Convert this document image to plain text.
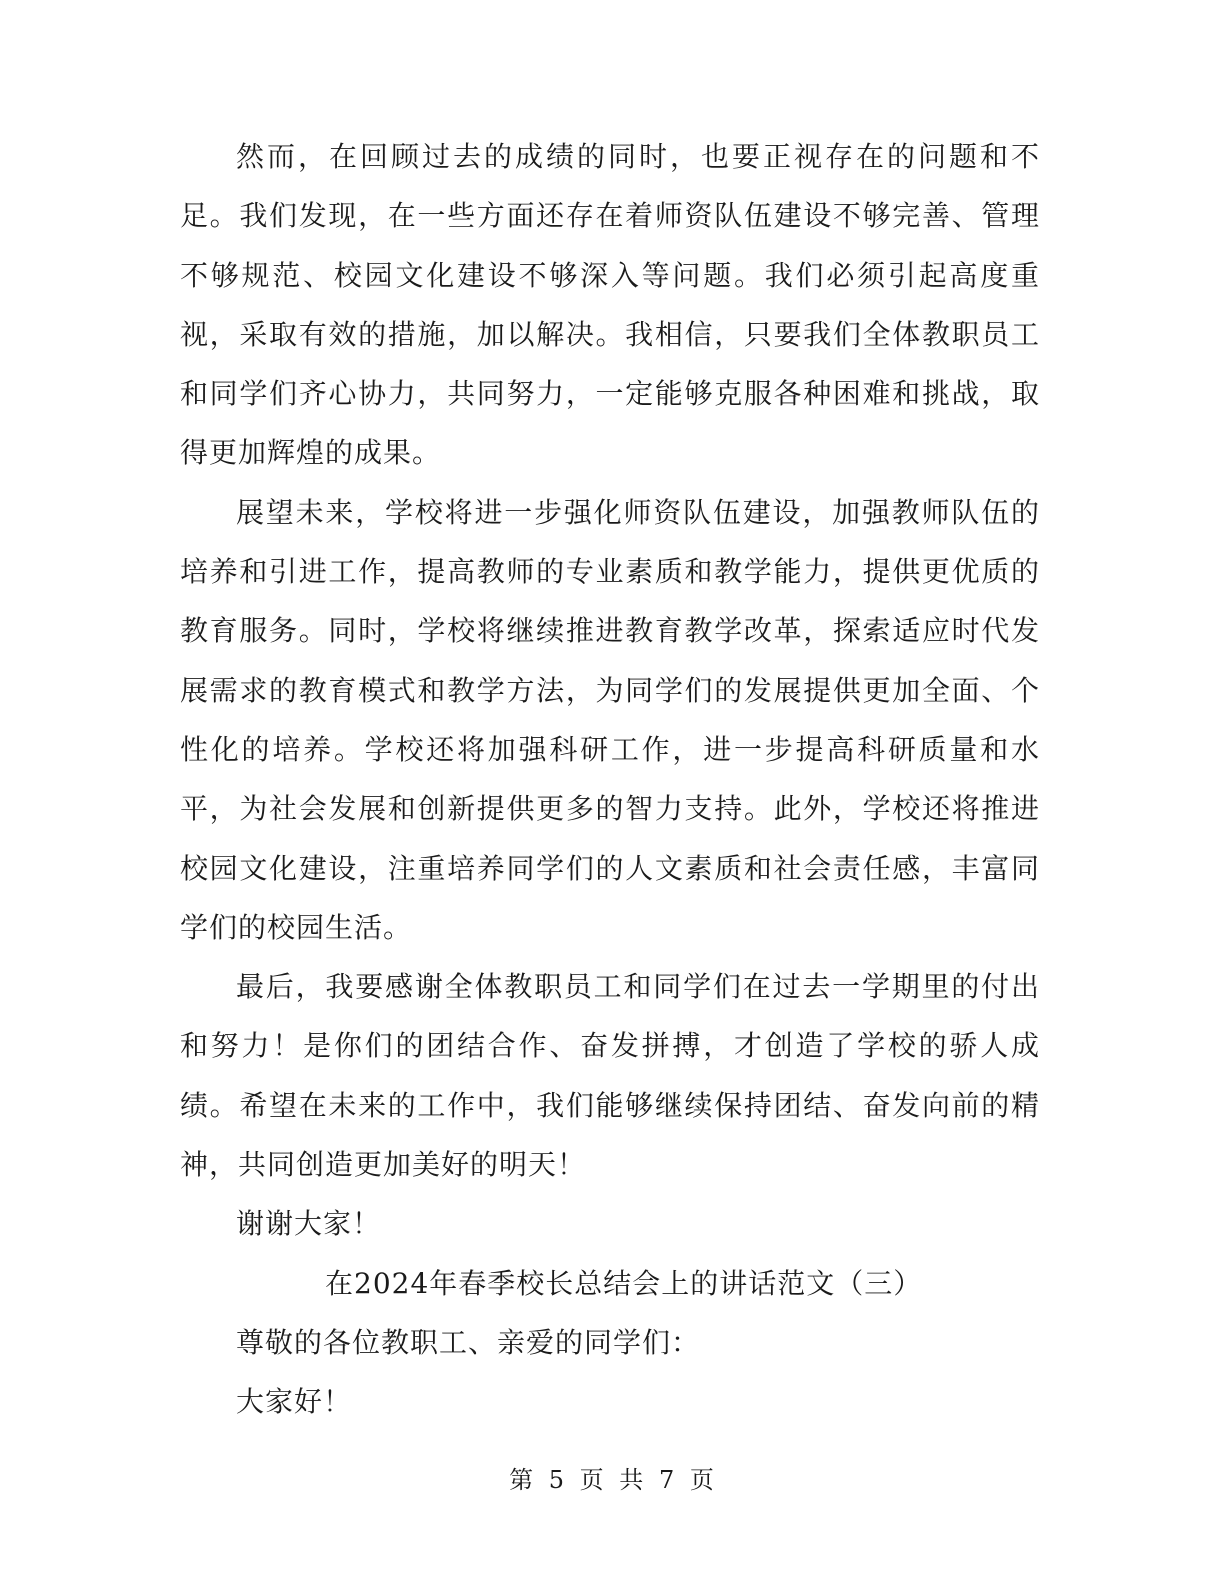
然而，在回顾过去的成绩的同时，也要正视存在的问题和不足。我们发现，在一些方面还存在着师资队伍建设不够完善、管理不够规范、校园文化建设不够深入等问题。我们必须引起高度重视，采取有效的措施，加以解决。我相信，只要我们全体教职员工和同学们齐心协力，共同努力，一定能够克服各种困难和挑战，取得更加辉煌的成果。

展望未来，学校将进一步强化师资队伍建设，加强教师队伍的培养和引进工作，提高教师的专业素质和教学能力，提供更优质的教育服务。同时，学校将继续推进教育教学改革，探索适应时代发展需求的教育模式和教学方法，为同学们的发展提供更加全面、个性化的培养。学校还将加强科研工作，进一步提高科研质量和水平，为社会发展和创新提供更多的智力支持。此外，学校还将推进校园文化建设，注重培养同学们的人文素质和社会责任感，丰富同学们的校园生活。

最后，我要感谢全体教职员工和同学们在过去一学期里的付出和努力！是你们的团结合作、奋发拼搏，才创造了学校的骄人成绩。希望在未来的工作中，我们能够继续保持团结、奋发向前的精神，共同创造更加美好的明天！

谢谢大家！

在2024年春季校长总结会上的讲话范文（三）

尊敬的各位教职工、亲爱的同学们：

大家好！

第 5 页 共 7 页
